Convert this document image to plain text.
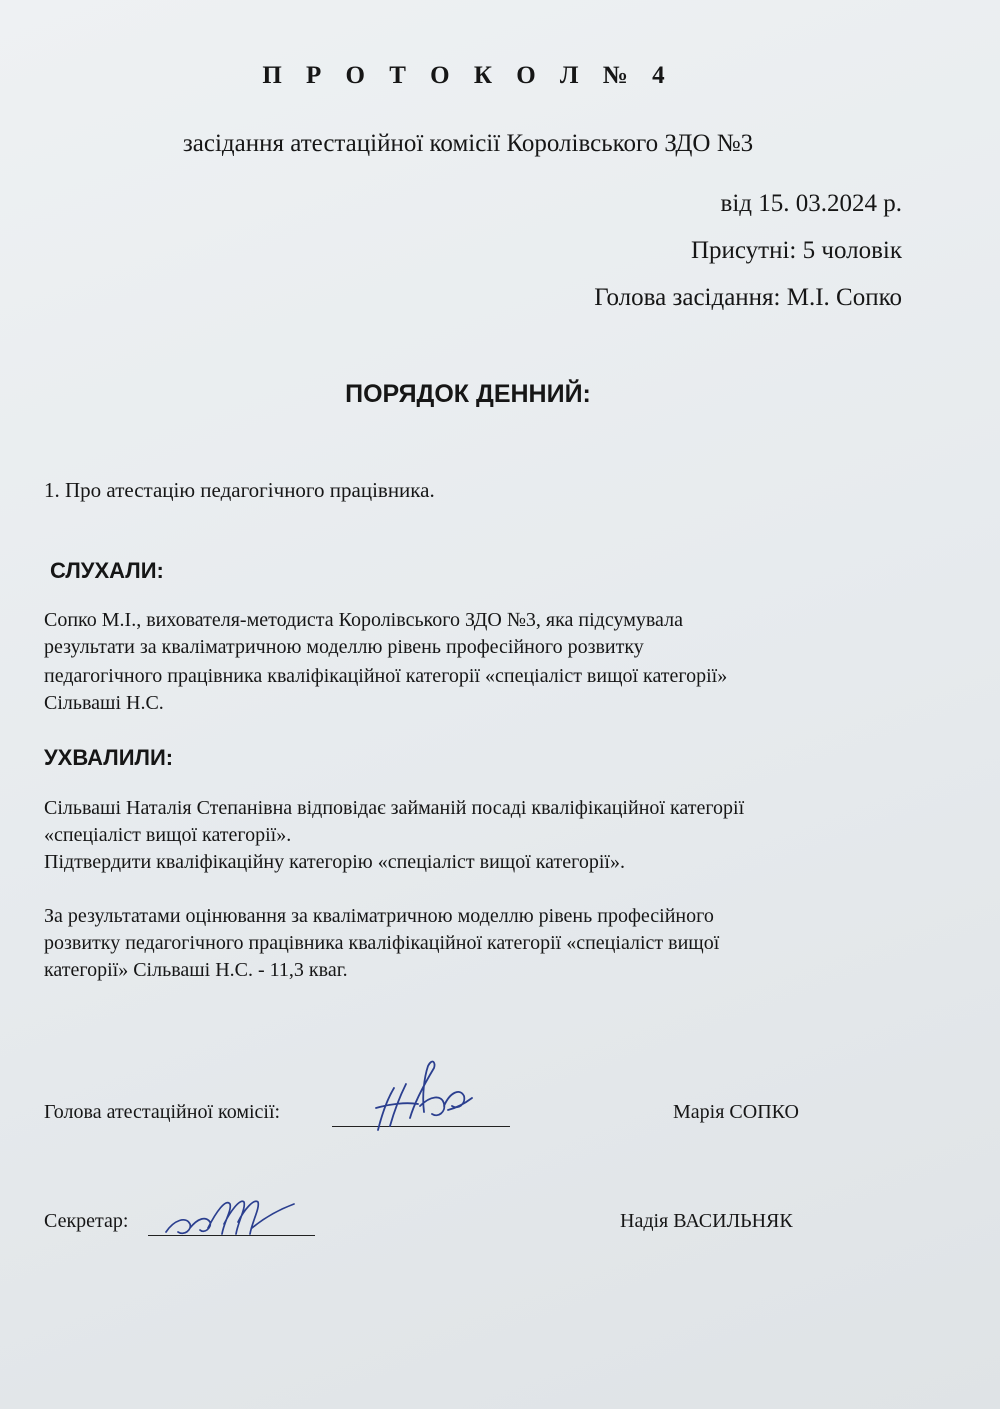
П Р О Т О К О Л № 4
засідання атестаційної комісії Королівського ЗДО №3
від 15. 03.2024 р.
Присутні: 5 чоловік
Голова засідання: М.І. Сопко
ПОРЯДОК ДЕННИЙ:
1. Про атестацію педагогічного працівника.
СЛУХАЛИ:
Сопко М.І., вихователя-методиста Королівського ЗДО №3, яка підсумувала
результати за кваліматричною моделлю рівень професійного розвитку
педагогічного працівника кваліфікаційної категорії «спеціаліст вищої категорії»
Сільваші Н.С.
УХВАЛИЛИ:
Сільваші Наталія Степанівна відповідає займаній посаді кваліфікаційної категорії
«спеціаліст вищої категорії».
Підтвердити кваліфікаційну категорію «спеціаліст вищої категорії».
За результатами оцінювання за кваліматричною моделлю рівень професійного
розвитку педагогічного працівника кваліфікаційної категорії «спеціаліст вищої
категорії» Сільваші Н.С. - 11,3 кваг.
Голова атестаційної комісії:	Марія СОПКО
Секретар:	Надія ВАСИЛЬНЯК
